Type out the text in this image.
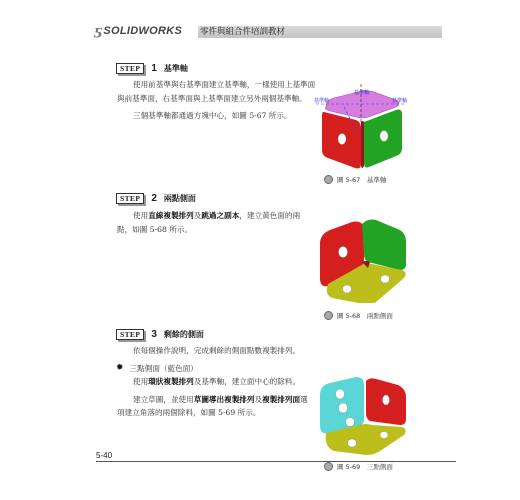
ƽ SOLIDWORKS 零件與組合件培訓教材
STEP	1 基準軸
使用前基準與右基準面建立基準軸，一樣使用上基準面
與前基準面，右基準面與上基準面建立另外兩個基準軸。
三個基準軸都通過方塊中心，如圖 5-67 所示。
基準軸
基準軸	基準軸
圖 5-67　基準軸
STEP	2 兩點側面
使用直線複製排列及跳過之副本，建立黃色面的兩
點，如圖 5-68 所示。
圖 5-68　兩點側面
STEP	3 剩餘的側面
依每個操作說明，完成剩餘的側面點數複製排列。
✹ 三點側面（藍色面）
使用環狀複製排列及基準軸，建立面中心的除料。
建立草圖，並使用草圖導出複製排列及複製排列面選
項建立角落的兩個除料，如圖 5-69 所示。
圖 5-69　三點側面
5-40
